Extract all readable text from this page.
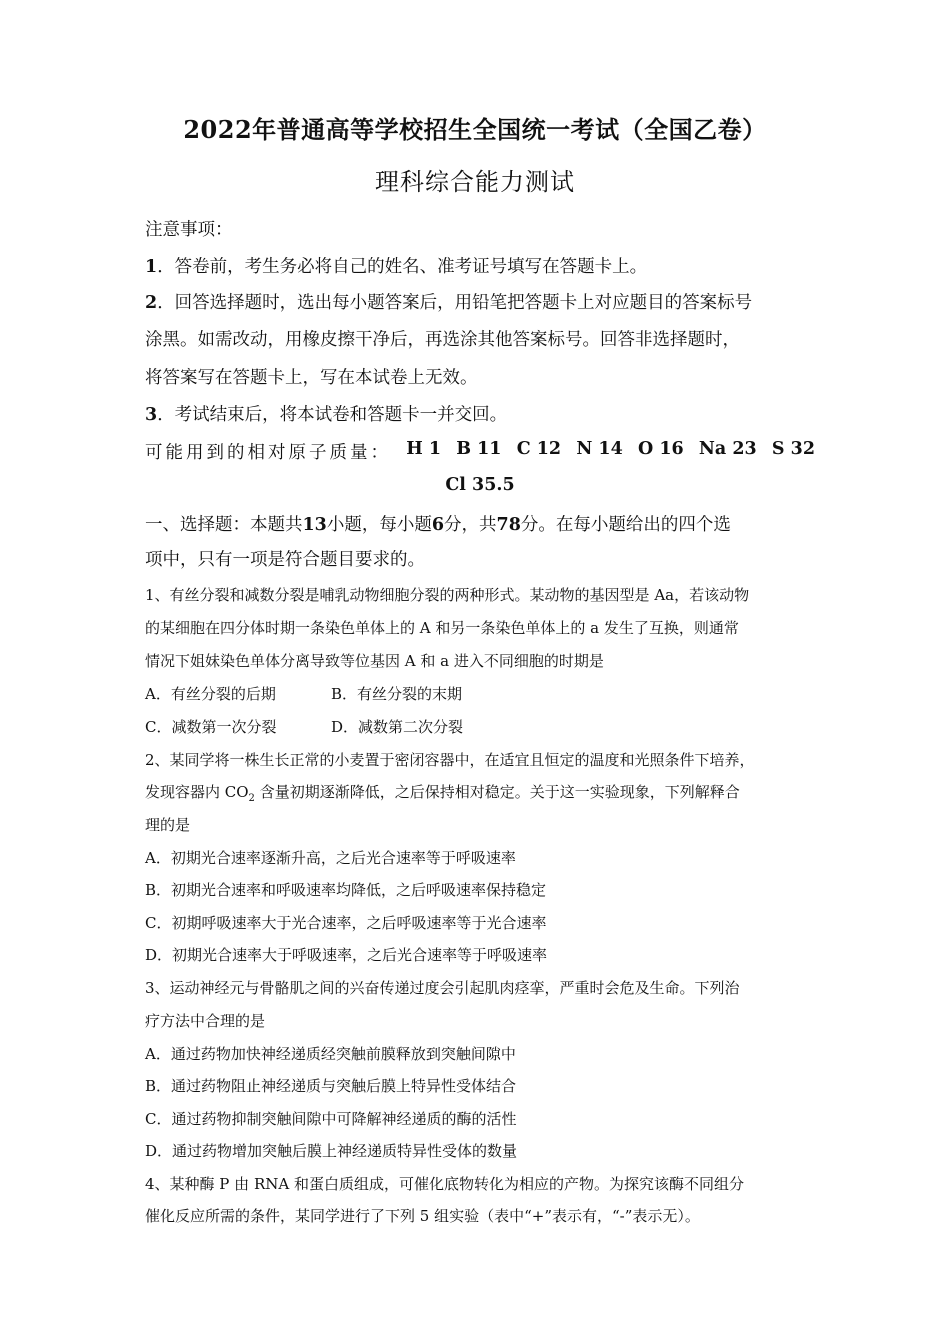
2022年普通高等学校招生全国统一考试（全国乙卷）
理科综合能力测试
注意事项：
1．答卷前，考生务必将自己的姓名、准考证号填写在答题卡上。
2．回答选择题时，选出每小题答案后，用铅笔把答题卡上对应题目的答案标号
涂黑。如需改动，用橡皮擦干净后，再选涂其他答案标号。回答非选择题时，
将答案写在答题卡上，写在本试卷上无效。
3．考试结束后，将本试卷和答题卡一并交回。
可能用到的相对原子质量： H 1 B 11 C 12 N 14 O 16 Na 23 S 32
Cl 35.5
一、选择题：本题共13小题，每小题6分，共78分。在每小题给出的四个选
项中，只有一项是符合题目要求的。
1、有丝分裂和减数分裂是哺乳动物细胞分裂的两种形式。某动物的基因型是 Aa，若该动物
的某细胞在四分体时期一条染色单体上的 A 和另一条染色单体上的 a 发生了互换，则通常
情况下姐妹染色单体分离导致等位基因 A 和 a 进入不同细胞的时期是
A．有丝分裂的后期	B．有丝分裂的末期
C．减数第一次分裂	D．减数第二次分裂
2、某同学将一株生长正常的小麦置于密闭容器中，在适宜且恒定的温度和光照条件下培养，
发现容器内 $CO_2$ 含量初期逐渐降低，之后保持相对稳定。关于这一实验现象，下列解释合
理的是
A．初期光合速率逐渐升高，之后光合速率等于呼吸速率
B．初期光合速率和呼吸速率均降低，之后呼吸速率保持稳定
C．初期呼吸速率大于光合速率，之后呼吸速率等于光合速率
D．初期光合速率大于呼吸速率，之后光合速率等于呼吸速率
3、运动神经元与骨骼肌之间的兴奋传递过度会引起肌肉痉挛，严重时会危及生命。下列治
疗方法中合理的是
A．通过药物加快神经递质经突触前膜释放到突触间隙中
B．通过药物阻止神经递质与突触后膜上特异性受体结合
C．通过药物抑制突触间隙中可降解神经递质的酶的活性
D．通过药物增加突触后膜上神经递质特异性受体的数量
4、某种酶 P 由 RNA 和蛋白质组成，可催化底物转化为相应的产物。为探究该酶不同组分
催化反应所需的条件，某同学进行了下列 5 组实验（表中“+”表示有，“-”表示无）。
